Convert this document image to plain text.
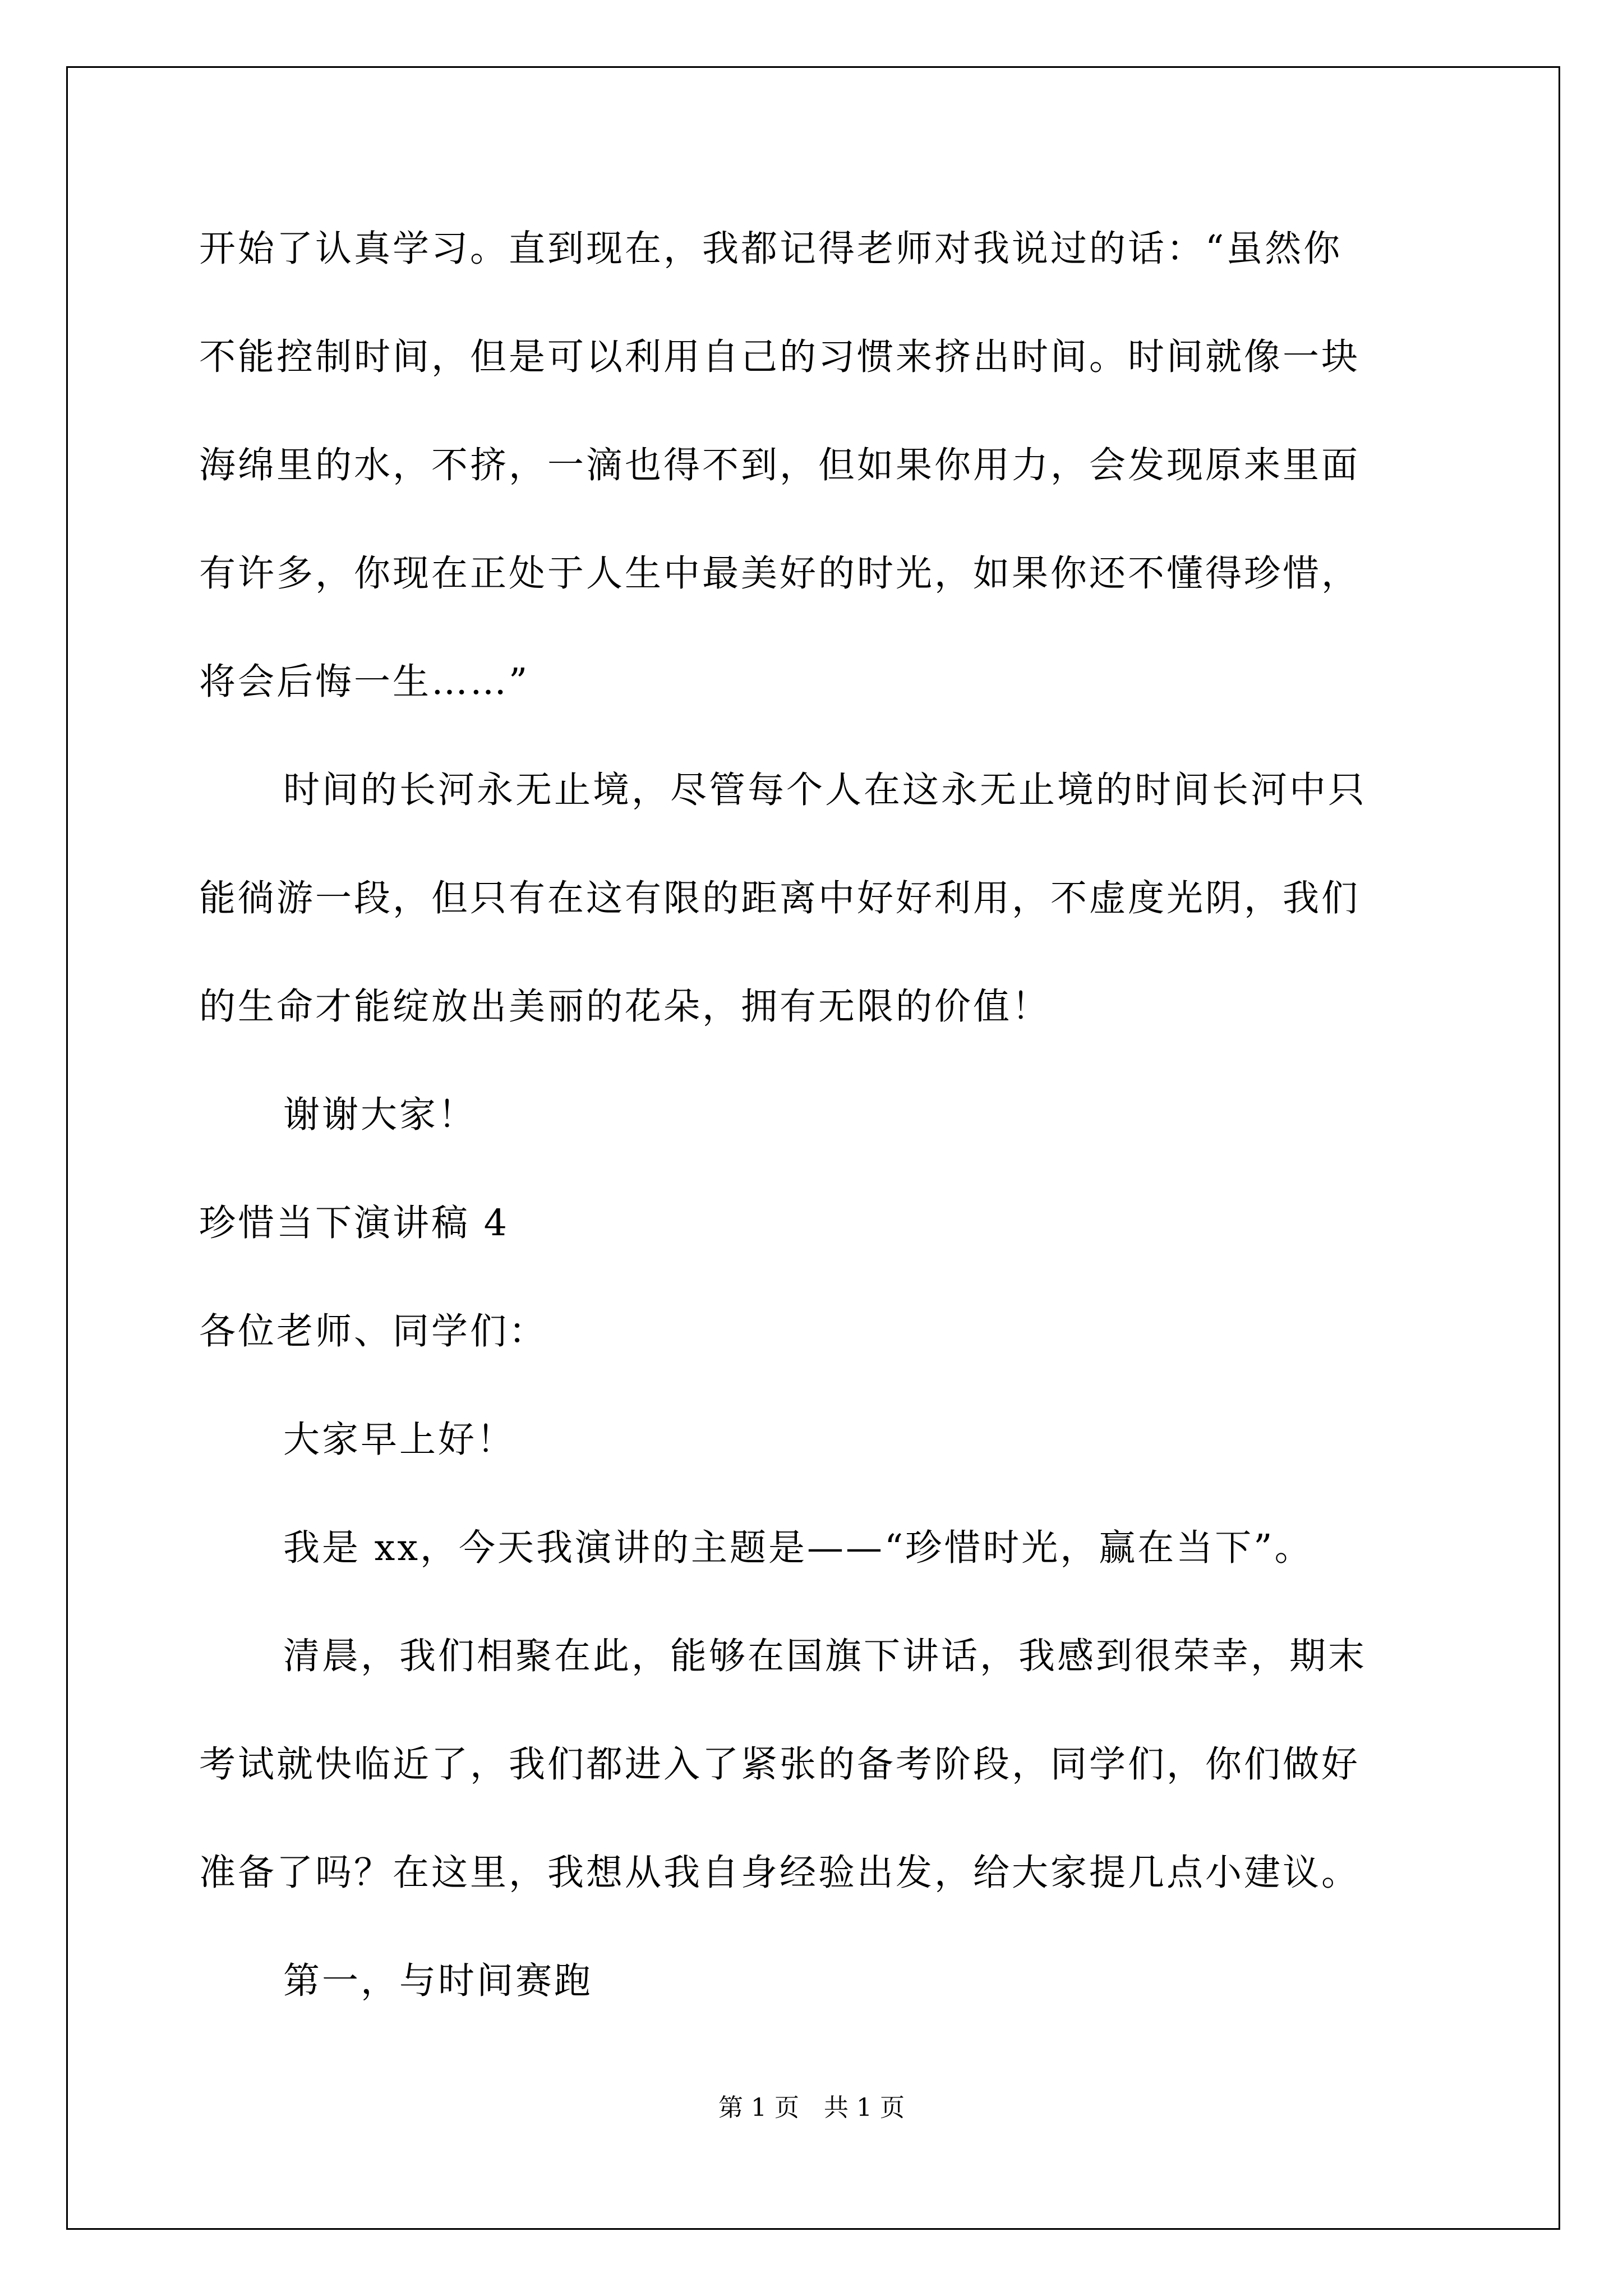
开始了认真学习。直到现在，我都记得老师对我说过的话：“虽然你
不能控制时间，但是可以利用自己的习惯来挤出时间。时间就像一块
海绵里的水，不挤，一滴也得不到，但如果你用力，会发现原来里面
有许多，你现在正处于人生中最美好的时光，如果你还不懂得珍惜，
将会后悔一生……”
时间的长河永无止境，尽管每个人在这永无止境的时间长河中只
能徜游一段，但只有在这有限的距离中好好利用，不虚度光阴，我们
的生命才能绽放出美丽的花朵，拥有无限的价值！
谢谢大家！
珍惜当下演讲稿 4
各位老师、同学们：
大家早上好！
我是 xx，今天我演讲的主题是——“珍惜时光，赢在当下”。
清晨，我们相聚在此，能够在国旗下讲话，我感到很荣幸，期末
考试就快临近了，我们都进入了紧张的备考阶段，同学们，你们做好
准备了吗？在这里，我想从我自身经验出发，给大家提几点小建议。
第一，与时间赛跑
第 1 页 共 1 页
